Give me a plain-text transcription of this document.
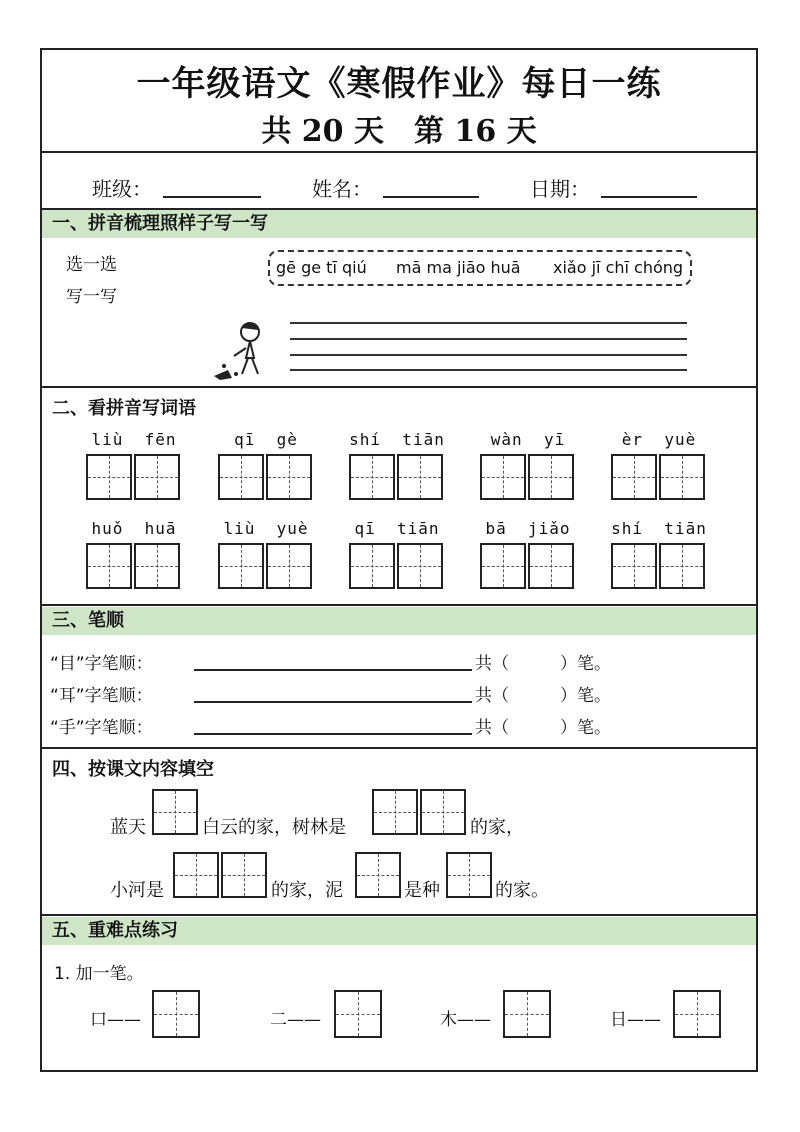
一年级语文《寒假作业》每日一练
共 20 天　第 16 天
班级：	姓名：	日期：
一、拼音梳理照样子写一写
选一选
写一写
gē ge tī qiú mā ma jiāo huā xiǎo jī chī chóng
二、看拼音写词语
liù  fēn	qī  gè	shí  tiān	wàn  yī	èr  yuè
huǒ  huā	liù  yuè	qī  tiān	bā  jiǎo	shí  tiān
三、笔顺
“目”字笔顺：	共（	）笔。
“耳”字笔顺：	共（	）笔。
“手”字笔顺：	共（	）笔。
四、按课文内容填空
蓝天	白云的家，树林是	的家，
小河是	的家，泥	是种	的家。
五、重难点练习
1. 加一笔。
口——	二——	木——	日——
